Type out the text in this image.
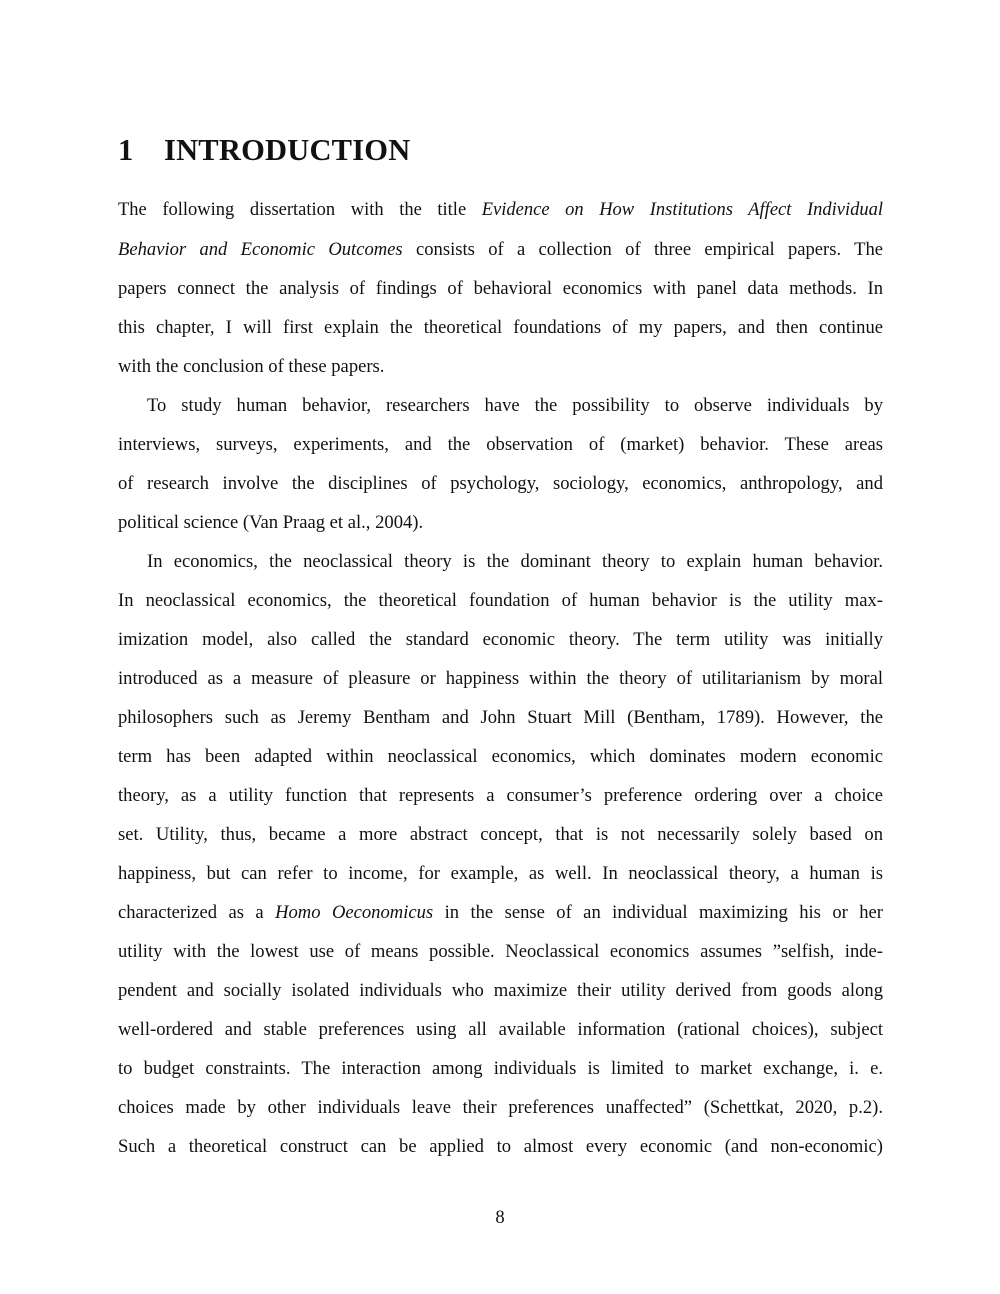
1 INTRODUCTION
The following dissertation with the title Evidence on How Institutions Affect Individual
Behavior and Economic Outcomes consists of a collection of three empirical papers. The
papers connect the analysis of findings of behavioral economics with panel data methods. In
this chapter, I will first explain the theoretical foundations of my papers, and then continue
with the conclusion of these papers.
To study human behavior, researchers have the possibility to observe individuals by
interviews, surveys, experiments, and the observation of (market) behavior. These areas
of research involve the disciplines of psychology, sociology, economics, anthropology, and
political science (Van Praag et al., 2004).
In economics, the neoclassical theory is the dominant theory to explain human behavior.
In neoclassical economics, the theoretical foundation of human behavior is the utility max-
imization model, also called the standard economic theory. The term utility was initially
introduced as a measure of pleasure or happiness within the theory of utilitarianism by moral
philosophers such as Jeremy Bentham and John Stuart Mill (Bentham, 1789). However, the
term has been adapted within neoclassical economics, which dominates modern economic
theory, as a utility function that represents a consumer’s preference ordering over a choice
set. Utility, thus, became a more abstract concept, that is not necessarily solely based on
happiness, but can refer to income, for example, as well. In neoclassical theory, a human is
characterized as a Homo Oeconomicus in the sense of an individual maximizing his or her
utility with the lowest use of means possible. Neoclassical economics assumes ”selfish, inde-
pendent and socially isolated individuals who maximize their utility derived from goods along
well-ordered and stable preferences using all available information (rational choices), subject
to budget constraints. The interaction among individuals is limited to market exchange, i. e.
choices made by other individuals leave their preferences unaffected” (Schettkat, 2020, p.2).
Such a theoretical construct can be applied to almost every economic (and non-economic)
8
